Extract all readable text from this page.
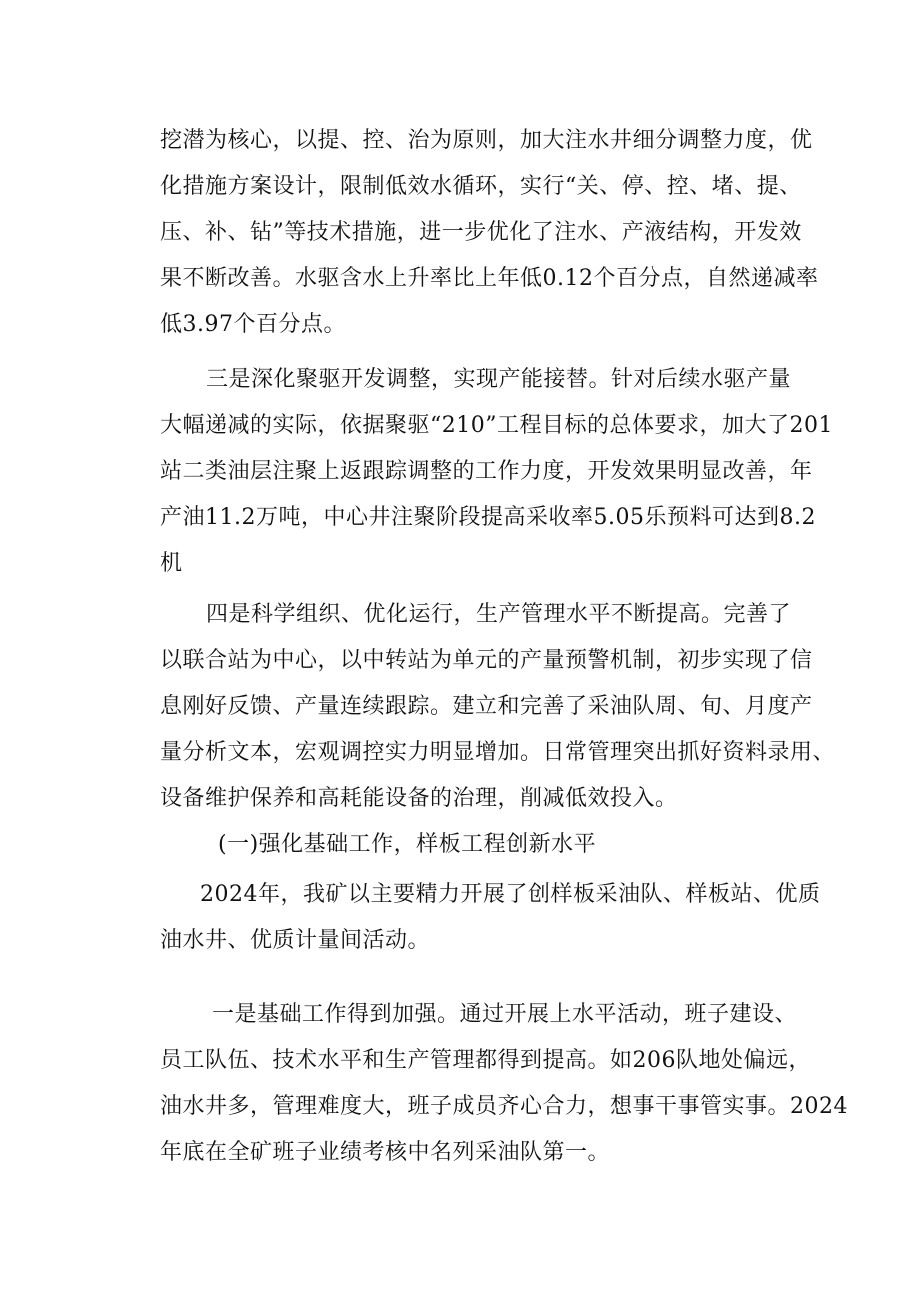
挖潜为核心，以提、控、治为原则，加大注水井细分调整力度，优
化措施方案设计，限制低效水循环，实行“关、停、控、堵、提、
压、补、钻”等技术措施，进一步优化了注水、产液结构，开发效
果不断改善。水驱含水上升率比上年低0.12个百分点，自然递减率
低3.97个百分点。
三是深化聚驱开发调整，实现产能接替。针对后续水驱产量
大幅递减的实际，依据聚驱“210”工程目标的总体要求，加大了201
站二类油层注聚上返跟踪调整的工作力度，开发效果明显改善，年
产油11.2万吨，中心井注聚阶段提高采收率5.05乐预料可达到8.2
机
四是科学组织、优化运行，生产管理水平不断提高。完善了
以联合站为中心，以中转站为单元的产量预警机制，初步实现了信
息刚好反馈、产量连续跟踪。建立和完善了采油队周、旬、月度产
量分析文本，宏观调控实力明显增加。日常管理突出抓好资料录用、
设备维护保养和高耗能设备的治理，削减低效投入。
(一)强化基础工作，样板工程创新水平
2024年，我矿以主要精力开展了创样板采油队、样板站、优质
油水井、优质计量间活动。
一是基础工作得到加强。通过开展上水平活动，班子建设、
员工队伍、技术水平和生产管理都得到提高。如206队地处偏远，
油水井多，管理难度大，班子成员齐心合力，想事干事管实事。2024
年底在全矿班子业绩考核中名列采油队第一。
